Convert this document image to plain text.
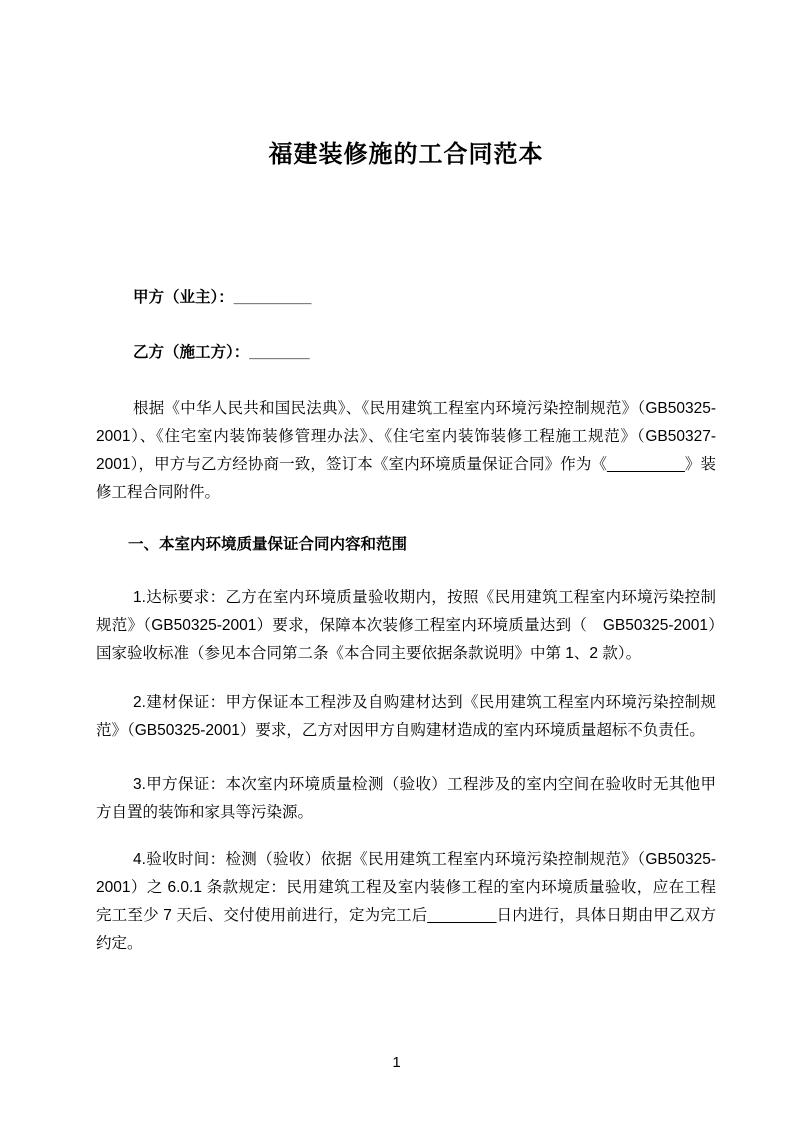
福建装修施的工合同范本

甲方（业主）：_________

乙方（施工方）：_______

根据《中华人民共和国民法典》、《民用建筑工程室内环境污染控制规范》（GB50325-2001）、《住宅室内装饰装修管理办法》、《住宅室内装饰装修工程施工规范》（GB50327-2001），甲方与乙方经协商一致，签订本《室内环境质量保证合同》作为《_________》装修工程合同附件。

一、本室内环境质量保证合同内容和范围

1.达标要求：乙方在室内环境质量验收期内，按照《民用建筑工程室内环境污染控制规范》（GB50325-2001）要求，保障本次装修工程室内环境质量达到（　GB50325-2001）国家验收标准（参见本合同第二条《本合同主要依据条款说明》中第 1、2 款）。

2.建材保证：甲方保证本工程涉及自购建材达到《民用建筑工程室内环境污染控制规范》（GB50325-2001）要求，乙方对因甲方自购建材造成的室内环境质量超标不负责任。

3.甲方保证：本次室内环境质量检测（验收）工程涉及的室内空间在验收时无其他甲方自置的装饰和家具等污染源。

4.验收时间：检测（验收）依据《民用建筑工程室内环境污染控制规范》（GB50325-2001）之 6.0.1 条款规定：民用建筑工程及室内装修工程的室内环境质量验收，应在工程完工至少 7 天后、交付使用前进行，定为完工后________日内进行，具体日期由甲乙双方约定。

1
